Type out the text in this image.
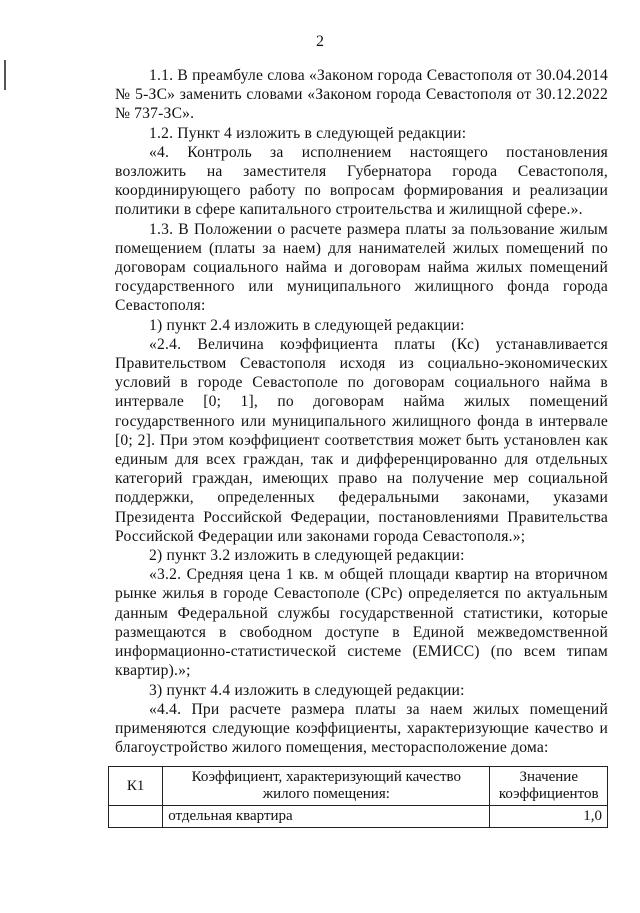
2

1.1. В преамбуле слова «Законом города Севастополя от 30.04.2014 № 5-ЗС» заменить словами «Законом города Севастополя от 30.12.2022 № 737-ЗС».

1.2. Пункт 4 изложить в следующей редакции:

«4. Контроль за исполнением настоящего постановления возложить на заместителя Губернатора города Севастополя, координирующего работу по вопросам формирования и реализации политики в сфере капитального строительства и жилищной сфере.».

1.3. В Положении о расчете размера платы за пользование жилым помещением (платы за наем) для нанимателей жилых помещений по договорам социального найма и договорам найма жилых помещений государственного или муниципального жилищного фонда города Севастополя:

1) пункт 2.4 изложить в следующей редакции:

«2.4. Величина коэффициента платы (Кс) устанавливается Правительством Севастополя исходя из социально-экономических условий в городе Севастополе по договорам социального найма в интервале [0; 1], по договорам найма жилых помещений государственного или муниципального жилищного фонда в интервале [0; 2]. При этом коэффициент соответствия может быть установлен как единым для всех граждан, так и дифференцированно для отдельных категорий граждан, имеющих право на получение мер социальной поддержки, определенных федеральными законами, указами Президента Российской Федерации, постановлениями Правительства Российской Федерации или законами города Севастополя.»;

2) пункт 3.2 изложить в следующей редакции:

«3.2. Средняя цена 1 кв. м общей площади квартир на вторичном рынке жилья в городе Севастополе (СРс) определяется по актуальным данным Федеральной службы государственной статистики, которые размещаются в свободном доступе в Единой межведомственной информационно-статистической системе (ЕМИСС) (по всем типам квартир).»;

3) пункт 4.4 изложить в следующей редакции:

«4.4. При расчете размера платы за наем жилых помещений применяются следующие коэффициенты, характеризующие качество и благоустройство жилого помещения, месторасположение дома:

К1	Коэффициент, характеризующий качество жилого помещения:	Значение коэффициентов
	отдельная квартира	1,0
